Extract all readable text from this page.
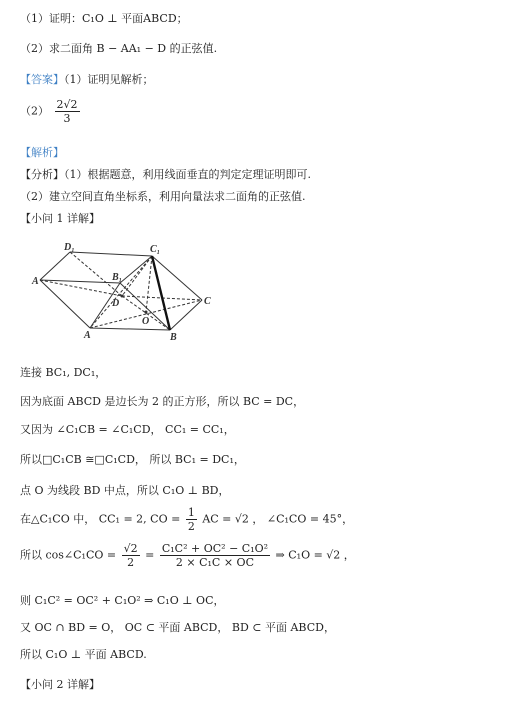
（1）证明：C₁O ⊥ 平面ABCD；
（2）求二面角 B − AA₁ − D 的正弦值.
【答案】（1）证明见解析；
$(2) \frac{2√2}{3}$
【解析】
【分析】（1）根据题意，利用线面垂直的判定定理证明即可.
（2）建立空间直角坐标系，利用向量法求二面角的正弦值.
【小问 1 详解】
A
D₁	C₁
B₁
D
O
C
A	B
连接 BC₁, DC₁，
因为底面 ABCD 是边长为 2 的正方形，所以 BC = DC，
又因为 ∠C₁CB = ∠C₁CD， CC₁ = CC₁，
所以□C₁CB ≅□C₁CD， 所以 BC₁ = DC₁，
点 O 为线段 BD 中点，所以 C₁O ⊥ BD，
在△C₁CO 中， CC₁ = 2, CO = $\frac{1}{2}$ AC = √2 ， ∠C₁CO = 45°，
所以 cos∠C₁CO = $\frac{√2}{2} = \frac{\text{C₁C² + OC² − C₁O²}}{\text{2 × C₁C × OC}}$ ⇒ C₁O = √2 ，
则 C₁C² = OC² + C₁O² ⇒ C₁O ⊥ OC，
又 OC ∩ BD = O， OC ⊂ 平面 ABCD， BD ⊂ 平面 ABCD，
所以 C₁O ⊥ 平面 ABCD.
【小问 2 详解】
